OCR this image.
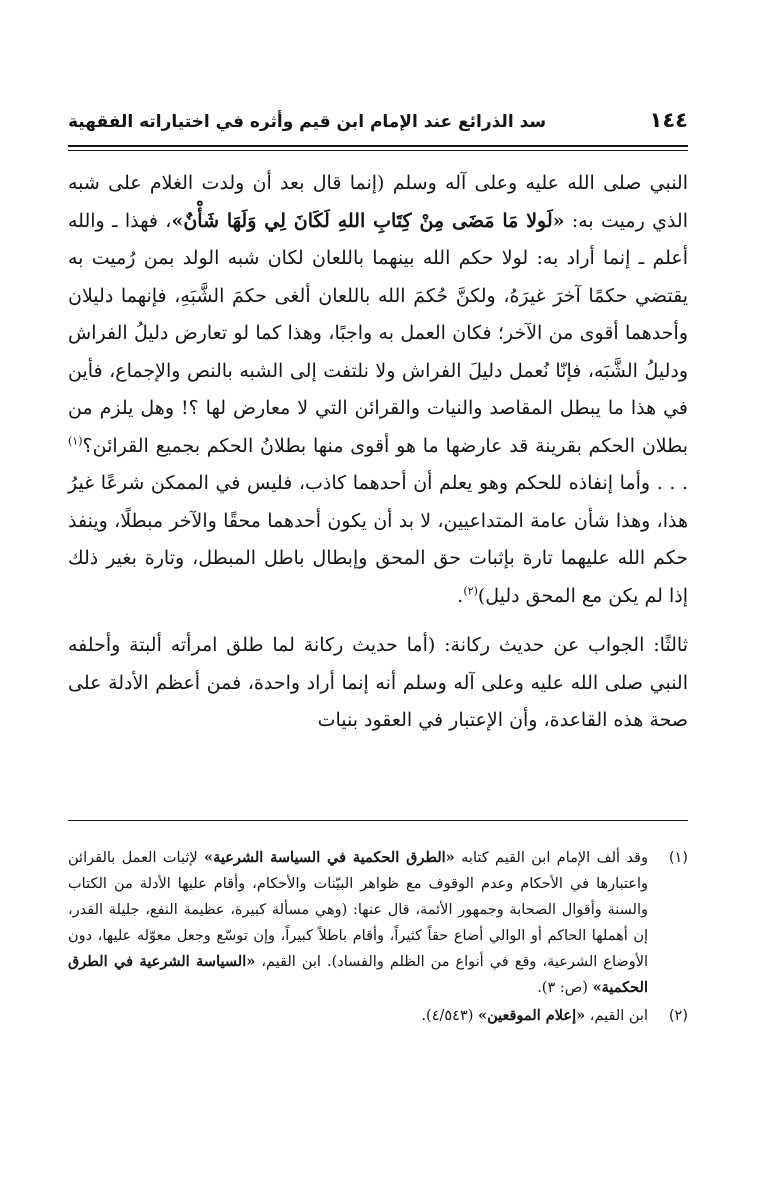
١٤٤
سد الذرائع عند الإمام ابن قيم وأثره في اختياراته الفقهية

النبي صلى الله عليه وعلى آله وسلم (إنما قال بعد أن ولدت الغلام على شبه الذي رميت به: «لَولا مَا مَضَى مِنْ كِتَابِ اللهِ لَكَانَ لِي وَلَهَا شَأْنٌ»، فهذا ـ والله أعلم ـ إنما أراد به: لولا حكم الله بينهما باللعان لكان شبه الولد بمن رُميت به يقتضي حكمًا آخرَ غيرَهُ، ولكنَّ حُكمَ الله باللعان ألغى حكمَ الشَّبَهِ، فإنهما دليلان وأحدهما أقوى من الآخر؛ فكان العمل به واجبًا، وهذا كما لو تعارض دليلُ الفراش ودليلُ الشَّبَه، فإنّا نُعمل دليلَ الفراش ولا نلتفت إلى الشبه بالنص والإجماع، فأين في هذا ما يبطل المقاصد والنيات والقرائن التي لا معارض لها ؟! وهل يلزم من بطلان الحكم بقرينة قد عارضها ما هو أقوى منها بطلانُ الحكم بجميع القرائن؟$^{(١)}$ . . . وأما إنفاذه للحكم وهو يعلم أن أحدهما كاذب، فليس في الممكن شرعًا غيرُ هذا، وهذا شأن عامة المتداعيين، لا بد أن يكون أحدهما محقًا والآخر مبطلًا، وينفذ حكم الله عليهما تارة بإثبات حق المحق وإبطال باطل المبطل، وتارة بغير ذلك إذا لم يكن مع المحق دليل)$^{(٢)}$.

ثالثًا: الجواب عن حديث ركانة: (أما حديث ركانة لما طلق امرأته ألبتة وأحلفه النبي صلى الله عليه وعلى آله وسلم أنه إنما أراد واحدة، فمن أعظم الأدلة على صحة هذه القاعدة، وأن الإعتبار في العقود بنيات

(١)
وقد ألف الإمام ابن القيم كتابه «الطرق الحكمية في السياسة الشرعية» لإثبات العمل بالقرائن واعتبارها في الأحكام وعدم الوقوف مع ظواهر البيّنات والأحكام، وأقام عليها الأدلة من الكتاب والسنة وأقوال الصحابة وجمهور الأئمة، قال عنها: (وهي مسألة كبيرة، عظيمة النفع، جليلة القدر، إن أهملها الحاكم أو الوالي أضاع حقاً كثيراً، وأقام باطلاً كبيراً، وإن توسّع وجعل معوّله عليها، دون الأوضاع الشرعية، وقع في أنواع من الظلم والفساد). ابن القيم، «السياسة الشرعية في الطرق الحكمية» (ص: ٣).
(٢)
ابن القيم، «إعلام الموقعين» (٤/٥٤٣).
